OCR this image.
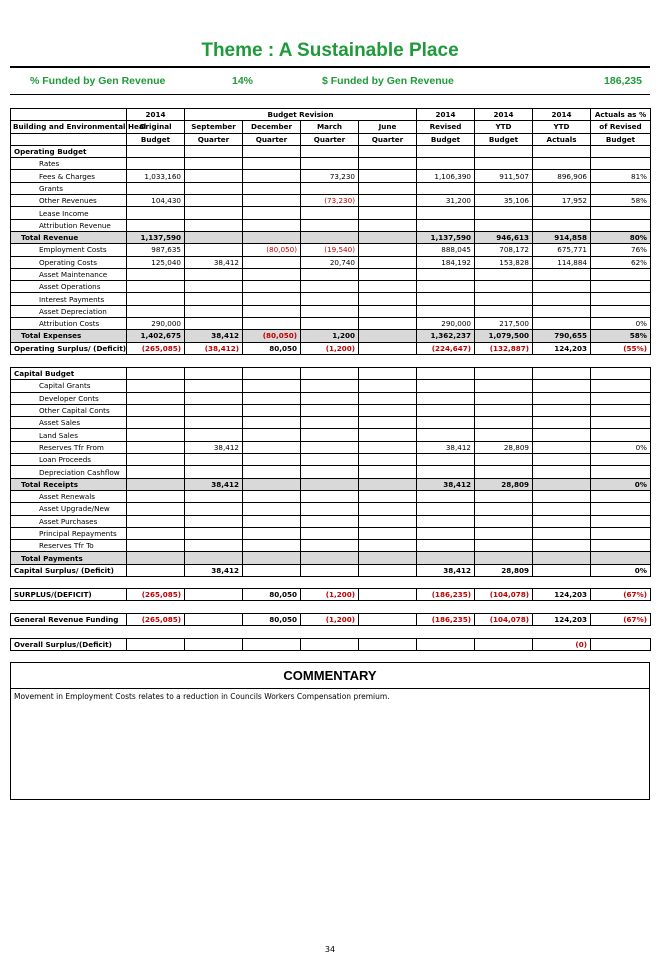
Theme : A Sustainable Place
% Funded by Gen Revenue	14%	$ Funded by Gen Revenue	186,235
	2014	Budget Revision				2014	2014	2014	Actuals as %
Building and Environmental Heal	Original	September	December	March	June	Revised	YTD	YTD	of Revised
	Budget	Quarter	Quarter	Quarter	Quarter	Budget	Budget	Actuals	Budget
Operating Budget									
Rates									
Fees & Charges	1,033,160			73,230		1,106,390	911,507	896,906	81%
Grants									
Other Revenues	104,430			(73,230)		31,200	35,106	17,952	58%
Lease Income									
Attribution Revenue									
Total Revenue	1,137,590					1,137,590	946,613	914,858	80%
Employment Costs	987,635		(80,050)	(19,540)		888,045	708,172	675,771	76%
Operating Costs	125,040	38,412		20,740		184,192	153,828	114,884	62%
Asset Maintenance									
Asset Operations									
Interest Payments									
Asset Depreciation									
Attribution Costs	290,000					290,000	217,500		0%
Total Expenses	1,402,675	38,412	(80,050)	1,200		1,362,237	1,079,500	790,655	58%
Operating Surplus/ (Deficit)	(265,085)	(38,412)	80,050	(1,200)		(224,647)	(132,887)	124,203	(55%)
Capital Budget									
Capital Grants									
Developer Conts									
Other Capital Conts									
Asset Sales									
Land Sales									
Reserves Tfr From		38,412				38,412	28,809		0%
Loan Proceeds									
Depreciation Cashflow									
Total Receipts		38,412				38,412	28,809		0%
Asset Renewals									
Asset Upgrade/New									
Asset Purchases									
Principal Repayments									
Reserves Tfr To									
Total Payments									
Capital Surplus/ (Deficit)		38,412				38,412	28,809		0%
SURPLUS/(DEFICIT)	(265,085)		80,050	(1,200)		(186,235)	(104,078)	124,203	(67%)
General Revenue Funding	(265,085)		80,050	(1,200)		(186,235)	(104,078)	124,203	(67%)
Overall Surplus/(Deficit)								(0)	
COMMENTARY
Movement in Employment Costs relates to a reduction in Councils Workers Compensation premium.
34
